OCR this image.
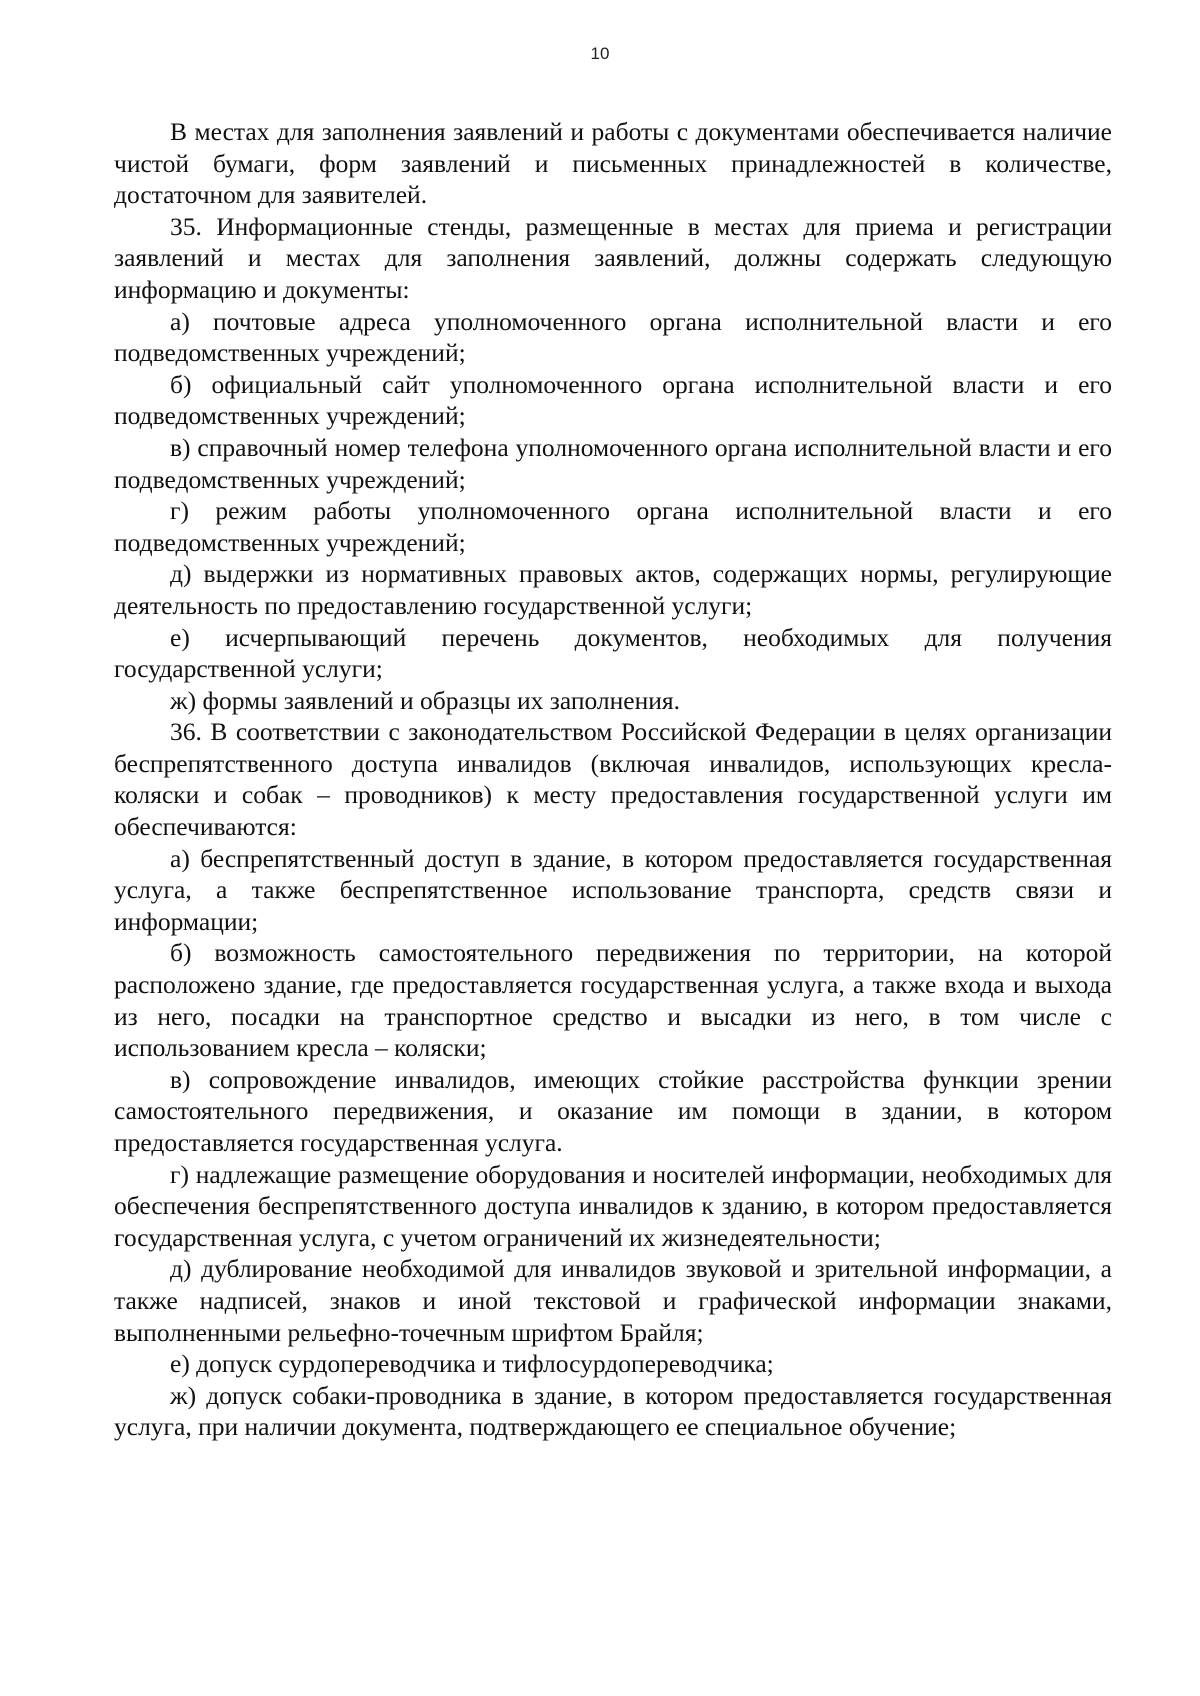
10

В местах для заполнения заявлений и работы с документами обеспечивается наличие чистой бумаги, форм заявлений и письменных принадлежностей в количестве, достаточном для заявителей.

35. Информационные стенды, размещенные в местах для приема и регистрации заявлений и местах для заполнения заявлений, должны содержать следующую информацию и документы:

а) почтовые адреса уполномоченного органа исполнительной власти и его подведомственных учреждений;

б) официальный сайт уполномоченного органа исполнительной власти и его подведомственных учреждений;

в) справочный номер телефона уполномоченного органа исполнительной власти и его подведомственных учреждений;

г) режим работы уполномоченного органа исполнительной власти и его подведомственных учреждений;

д) выдержки из нормативных правовых актов, содержащих нормы, регулирующие деятельность по предоставлению государственной услуги;

е) исчерпывающий перечень документов, необходимых для получения государственной услуги;

ж) формы заявлений и образцы их заполнения.

36. В соответствии с законодательством Российской Федерации в целях организации беспрепятственного доступа инвалидов (включая инвалидов, использующих кресла-коляски и собак – проводников) к месту предоставления государственной услуги им обеспечиваются:

а) беспрепятственный доступ в здание, в котором предоставляется государственная услуга, а также беспрепятственное использование транспорта, средств связи и информации;

б) возможность самостоятельного передвижения по территории, на которой расположено здание, где предоставляется государственная услуга, а также входа и выхода из него, посадки на транспортное средство и высадки из него, в том числе с использованием кресла – коляски;

в) сопровождение инвалидов, имеющих стойкие расстройства функции зрении самостоятельного передвижения, и оказание им помощи в здании, в котором предоставляется государственная услуга.

г) надлежащие размещение оборудования и носителей информации, необходимых для обеспечения беспрепятственного доступа инвалидов к зданию, в котором предоставляется государственная услуга, с учетом ограничений их жизнедеятельности;

д) дублирование необходимой для инвалидов звуковой и зрительной информации, а также надписей, знаков и иной текстовой и графической информации знаками, выполненными рельефно-точечным шрифтом Брайля;

е) допуск сурдопереводчика и тифлосурдопереводчика;

ж) допуск собаки-проводника в здание, в котором предоставляется государственная услуга, при наличии документа, подтверждающего ее специальное обучение;
